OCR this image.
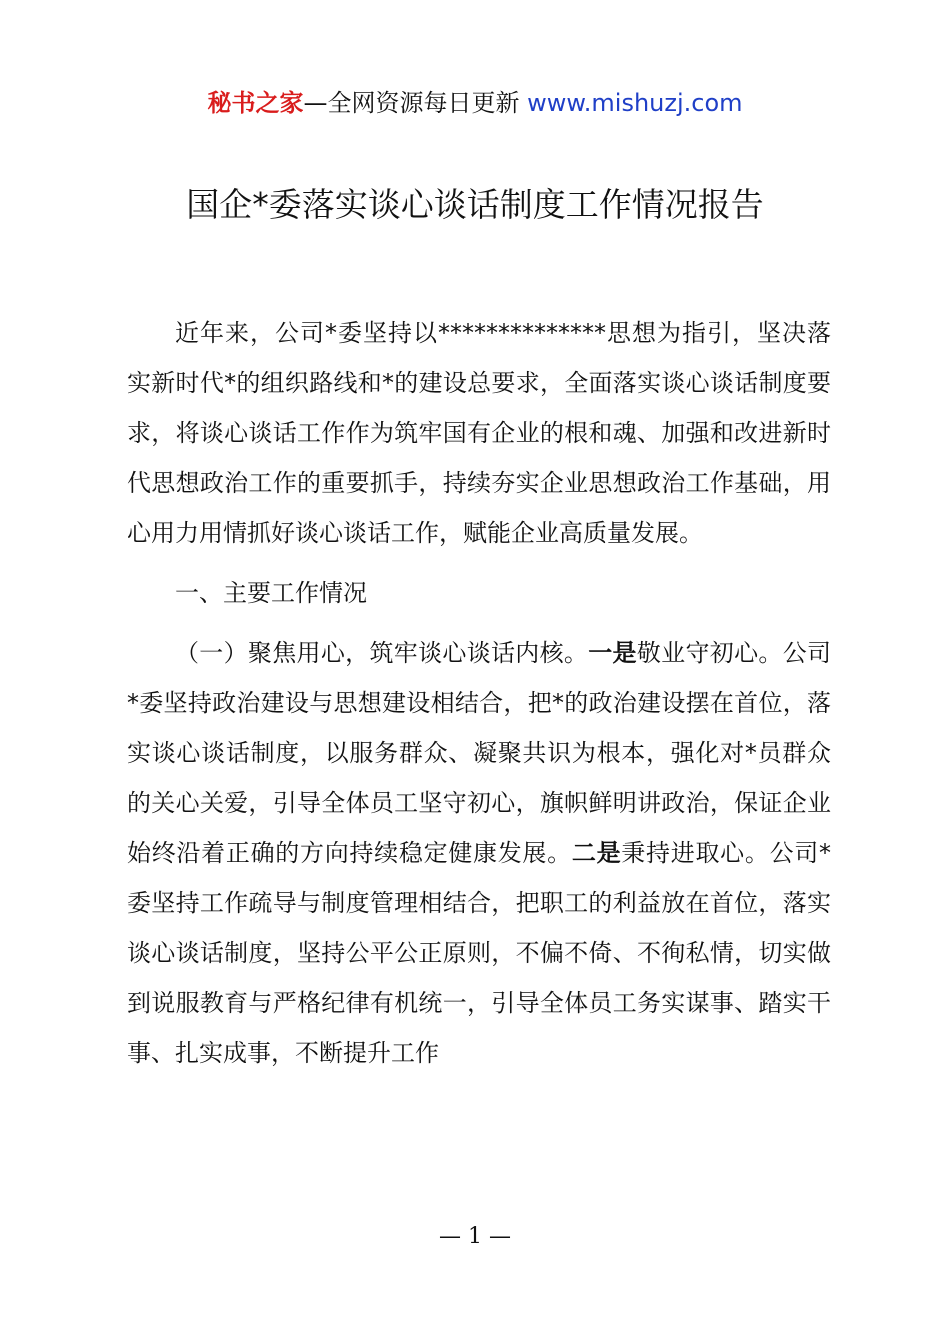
秘书之家—全网资源每日更新 www.mishuzj.com
国企*委落实谈心谈话制度工作情况报告

近年来，公司*委坚持以**************思想为指引，坚决落实新时代*的组织路线和*的建设总要求，全面落实谈心谈话制度要求，将谈心谈话工作作为筑牢国有企业的根和魂、加强和改进新时代思想政治工作的重要抓手，持续夯实企业思想政治工作基础，用心用力用情抓好谈心谈话工作，赋能企业高质量发展。

一、主要工作情况

（一）聚焦用心，筑牢谈心谈话内核。一是敬业守初心。公司*委坚持政治建设与思想建设相结合，把*的政治建设摆在首位，落实谈心谈话制度，以服务群众、凝聚共识为根本，强化对*员群众的关心关爱，引导全体员工坚守初心，旗帜鲜明讲政治，保证企业始终沿着正确的方向持续稳定健康发展。二是秉持进取心。公司*委坚持工作疏导与制度管理相结合，把职工的利益放在首位，落实谈心谈话制度，坚持公平公正原则，不偏不倚、不徇私情，切实做到说服教育与严格纪律有机统一，引导全体员工务实谋事、踏实干事、扎实成事，不断提升工作

— 1 —
